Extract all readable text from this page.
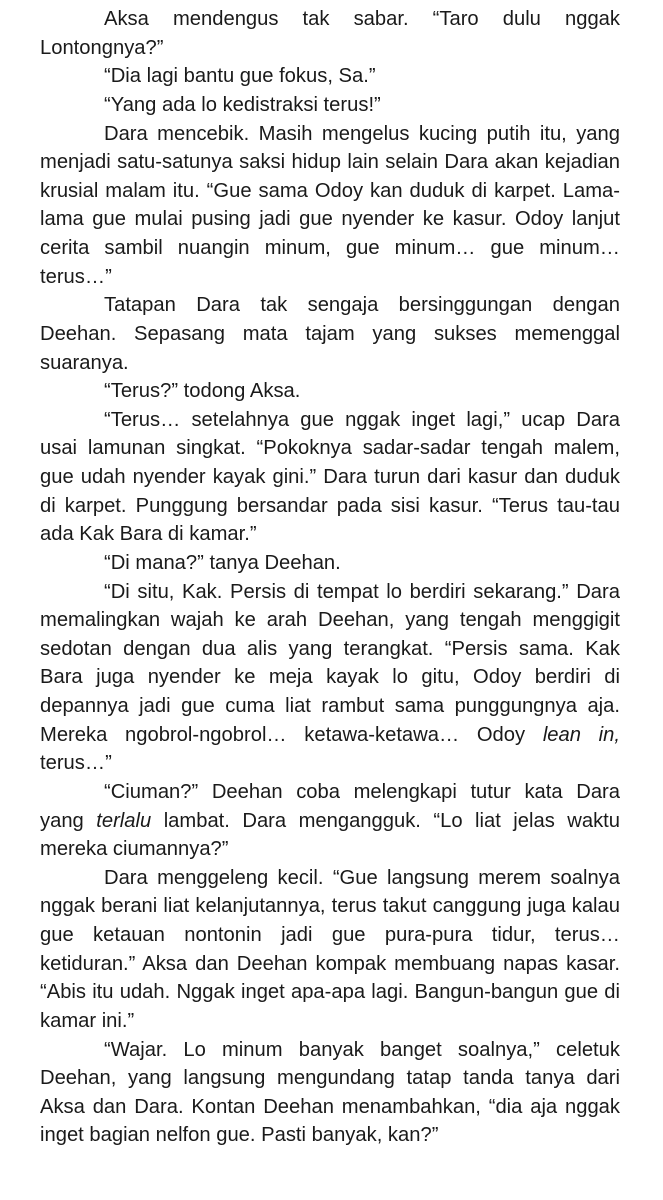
Aksa mendengus tak sabar. “Taro dulu nggak Lontongnya?”

“Dia lagi bantu gue fokus, Sa.”

“Yang ada lo kedistraksi terus!”

Dara mencebik. Masih mengelus kucing putih itu, yang menjadi satu-satunya saksi hidup lain selain Dara akan kejadian krusial malam itu. “Gue sama Odoy kan duduk di karpet. Lama-lama gue mulai pusing jadi gue nyender ke kasur. Odoy lanjut cerita sambil nuangin minum, gue minum… gue minum… terus…”

Tatapan Dara tak sengaja bersinggungan dengan Deehan. Sepasang mata tajam yang sukses memenggal suaranya.

“Terus?” todong Aksa.

“Terus… setelahnya gue nggak inget lagi,” ucap Dara usai lamunan singkat. “Pokoknya sadar-sadar tengah malem, gue udah nyender kayak gini.” Dara turun dari kasur dan duduk di karpet. Punggung bersandar pada sisi kasur. “Terus tau-tau ada Kak Bara di kamar.”

“Di mana?” tanya Deehan.

“Di situ, Kak. Persis di tempat lo berdiri sekarang.” Dara memalingkan wajah ke arah Deehan, yang tengah menggigit sedotan dengan dua alis yang terangkat. “Persis sama. Kak Bara juga nyender ke meja kayak lo gitu, Odoy berdiri di depannya jadi gue cuma liat rambut sama punggungnya aja. Mereka ngobrol-ngobrol… ketawa-ketawa… Odoy lean in, terus…”

“Ciuman?” Deehan coba melengkapi tutur kata Dara yang terlalu lambat. Dara mengangguk. “Lo liat jelas waktu mereka ciumannya?”

Dara menggeleng kecil. “Gue langsung merem soalnya nggak berani liat kelanjutannya, terus takut canggung juga kalau gue ketauan nontonin jadi gue pura-pura tidur, terus… ketiduran.” Aksa dan Deehan kompak membuang napas kasar. “Abis itu udah. Nggak inget apa-apa lagi. Bangun-bangun gue di kamar ini.”

“Wajar. Lo minum banyak banget soalnya,” celetuk Deehan, yang langsung mengundang tatap tanda tanya dari Aksa dan Dara. Kontan Deehan menambahkan, “dia aja nggak inget bagian nelfon gue. Pasti banyak, kan?”
